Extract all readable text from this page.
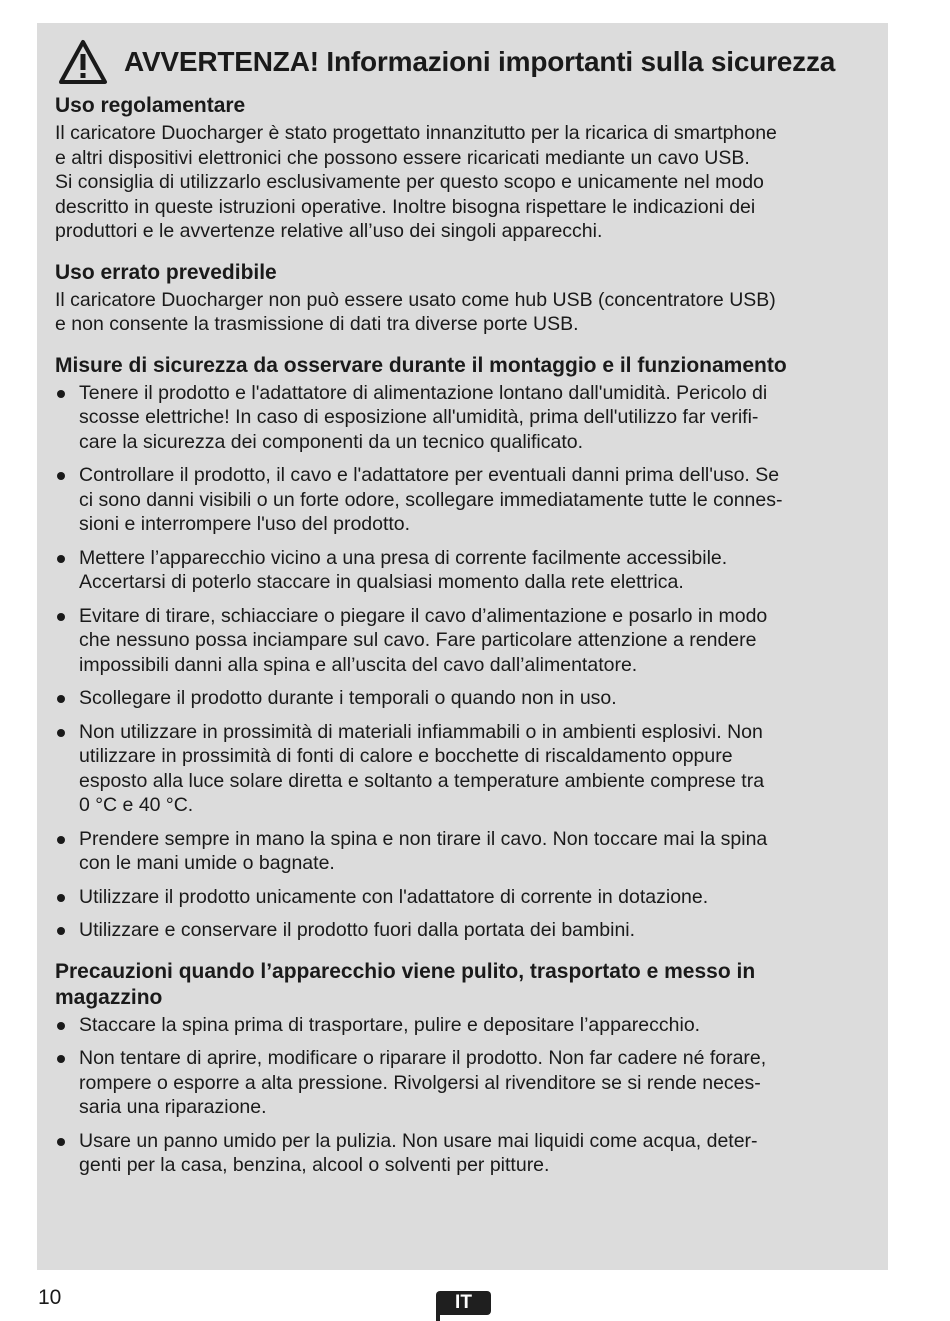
AVVERTENZA! Informazioni importanti sulla sicurezza
Uso regolamentare

Il caricatore Duocharger è stato progettato innanzitutto per la ricarica di smartphone
e altri dispositivi elettronici che possono essere ricaricati mediante un cavo USB.
Si consiglia di utilizzarlo esclusivamente per questo scopo e unicamente nel modo
descritto in queste istruzioni operative. Inoltre bisogna rispettare le indicazioni dei
produttori e le avvertenze relative all’uso dei singoli apparecchi.

Uso errato prevedibile

Il caricatore Duocharger non può essere usato come hub USB (concentratore USB)
e non consente la trasmissione di dati tra diverse porte USB.

Misure di sicurezza da osservare durante il montaggio e il funzionamento
Tenere il prodotto e l'adattatore di alimentazione lontano dall'umidità. Pericolo di
scosse elettriche! In caso di esposizione all'umidità, prima dell'utilizzo far verifi-
care la sicurezza dei componenti da un tecnico qualificato.
Controllare il prodotto, il cavo e l'adattatore per eventuali danni prima dell'uso. Se
ci sono danni visibili o un forte odore, scollegare immediatamente tutte le connes-
sioni e interrompere l'uso del prodotto.
Mettere l’apparecchio vicino a una presa di corrente facilmente accessibile.
Accertarsi di poterlo staccare in qualsiasi momento dalla rete elettrica.
Evitare di tirare, schiacciare o piegare il cavo d’alimentazione e posarlo in modo
che nessuno possa inciampare sul cavo. Fare particolare attenzione a rendere
impossibili danni alla spina e all’uscita del cavo dall’alimentatore.
Scollegare il prodotto durante i temporali o quando non in uso.
Non utilizzare in prossimità di materiali infiammabili o in ambienti esplosivi. Non
utilizzare in prossimità di fonti di calore e bocchette di riscaldamento oppure
esposto alla luce solare diretta e soltanto a temperature ambiente comprese tra
0 °C e 40 °C.
Prendere sempre in mano la spina e non tirare il cavo. Non toccare mai la spina
con le mani umide o bagnate.
Utilizzare il prodotto unicamente con l'adattatore di corrente in dotazione.
Utilizzare e conservare il prodotto fuori dalla portata dei bambini.
Precauzioni quando l’apparecchio viene pulito, trasportato e messo in
magazzino
Staccare la spina prima di trasportare, pulire e depositare l’apparecchio.
Non tentare di aprire, modificare o riparare il prodotto. Non far cadere né forare,
rompere o esporre a alta pressione. Rivolgersi al rivenditore se si rende neces-
saria una riparazione.
Usare un panno umido per la pulizia. Non usare mai liquidi come acqua, deter-
genti per la casa, benzina, alcool o solventi per pitture.
10	IT
